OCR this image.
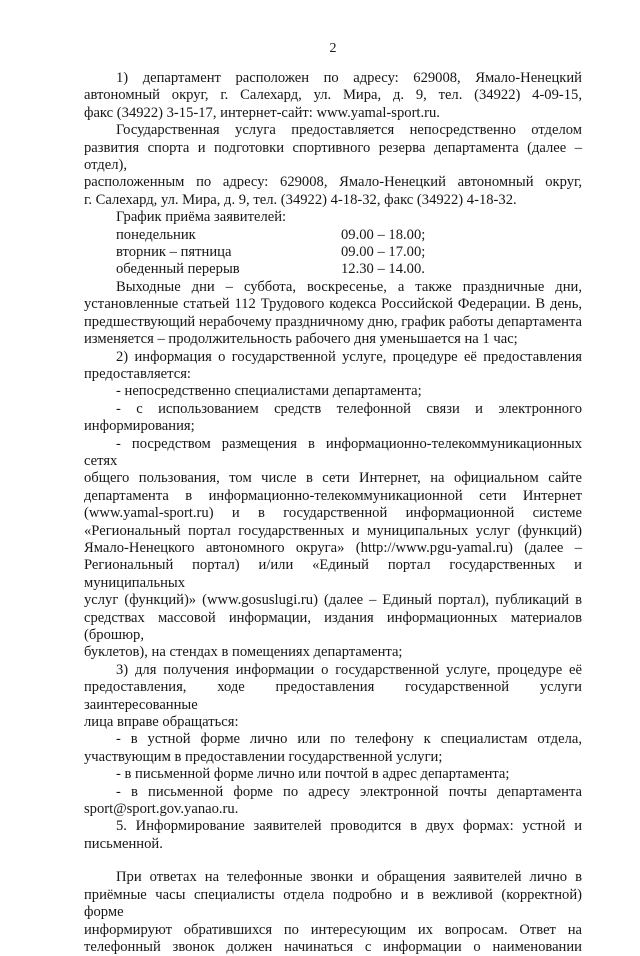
2
1) департамент расположен по адресу: 629008, Ямало-Ненецкий
автономный округ, г. Салехард, ул. Мира, д. 9, тел. (34922) 4-09-15,
факс (34922) 3-15-17, интернет-сайт: www.yamal-sport.ru.
Государственная услуга предоставляется непосредственно отделом
развития спорта и подготовки спортивного резерва департамента (далее – отдел),
расположенным по адресу: 629008, Ямало-Ненецкий автономный округ,
г. Салехард, ул. Мира, д. 9, тел. (34922) 4-18-32, факс (34922) 4-18-32.

График приёма заявителей:

понедельник	09.00 – 18.00;
вторник – пятница	09.00 – 17.00;
обеденный перерыв	12.30 – 14.00.
Выходные дни – суббота, воскресенье, а также праздничные дни,
установленные статьей 112 Трудового кодекса Российской Федерации. В день,
предшествующий нерабочему праздничному дню, график работы департамента
изменяется – продолжительность рабочего дня уменьшается на 1 час;
2) информация о государственной услуге, процедуре её предоставления
предоставляется:
- непосредственно специалистами департамента;
- с использованием средств телефонной связи и электронного
информирования;
- посредством размещения в информационно-телекоммуникационных сетях
общего пользования, том числе в сети Интернет, на официальном сайте
департамента в информационно-телекоммуникационной сети Интернет
(www.yamal-sport.ru) и в государственной информационной системе
«Региональный портал государственных и муниципальных услуг (функций)
Ямало-Ненецкого автономного округа» (http://www.pgu-yamal.ru) (далее –
Региональный портал) и/или «Единый портал государственных и муниципальных
услуг (функций)» (www.gosuslugi.ru) (далее – Единый портал), публикаций в
средствах массовой информации, издания информационных материалов (брошюр,
буклетов), на стендах в помещениях департамента;
3) для получения информации о государственной услуге, процедуре её
предоставления, ходе предоставления государственной услуги заинтересованные
лица вправе обращаться:
- в устной форме лично или по телефону к специалистам отдела,
участвующим в предоставлении государственной услуги;
- в письменной форме лично или почтой в адрес департамента;
- в письменной форме по адресу электронной почты департамента
sport@sport.gov.yanao.ru.
5. Информирование заявителей проводится в двух формах: устной и
письменной.
При ответах на телефонные звонки и обращения заявителей лично в
приёмные часы специалисты отдела подробно и в вежливой (корректной) форме
информируют обратившихся по интересующим их вопросам. Ответ на
телефонный звонок должен начинаться с информации о наименовании
